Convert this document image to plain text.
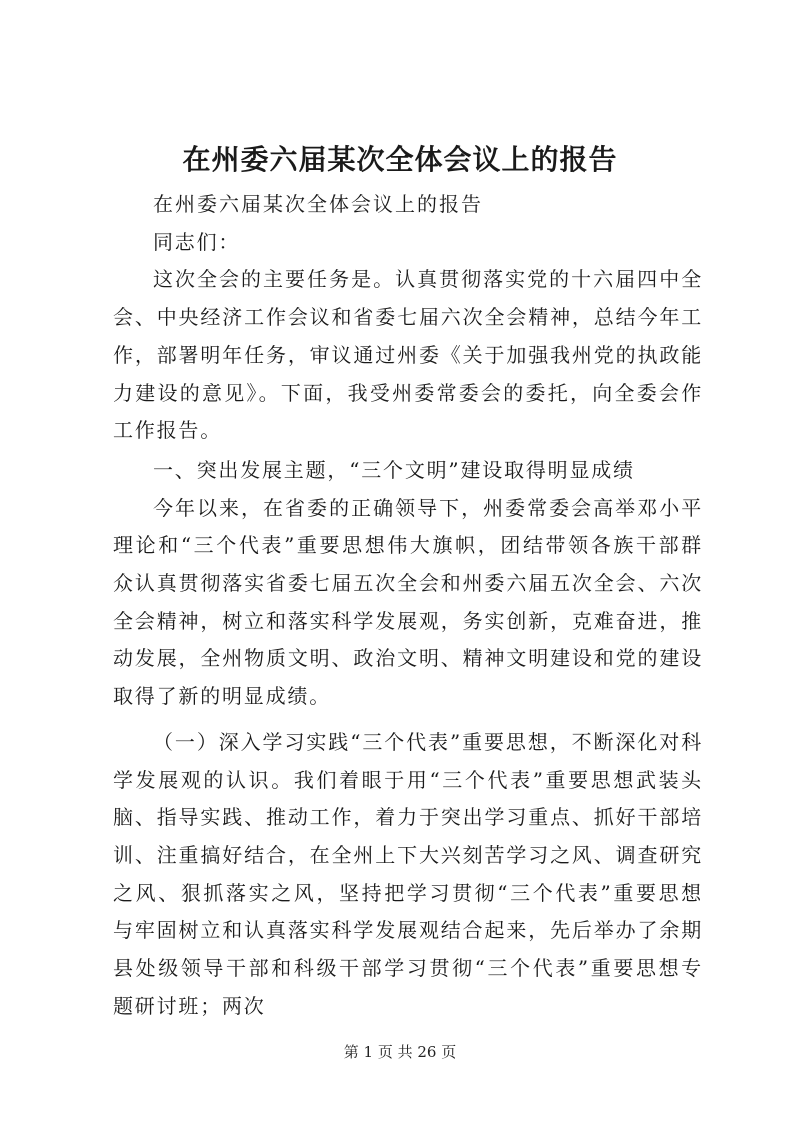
在州委六届某次全体会议上的报告

在州委六届某次全体会议上的报告

同志们：

这次全会的主要任务是。认真贯彻落实党的十六届四中全会、中央经济工作会议和省委七届六次全会精神，总结今年工作，部署明年任务，审议通过州委《关于加强我州党的执政能力建设的意见》。下面，我受州委常委会的委托，向全委会作工作报告。

一、突出发展主题，“三个文明”建设取得明显成绩

今年以来，在省委的正确领导下，州委常委会高举邓小平理论和“三个代表”重要思想伟大旗帜，团结带领各族干部群众认真贯彻落实省委七届五次全会和州委六届五次全会、六次全会精神，树立和落实科学发展观，务实创新，克难奋进，推动发展，全州物质文明、政治文明、精神文明建设和党的建设取得了新的明显成绩。

（一）深入学习实践“三个代表”重要思想，不断深化对科学发展观的认识。我们着眼于用“三个代表”重要思想武装头脑、指导实践、推动工作，着力于突出学习重点、抓好干部培训、注重搞好结合，在全州上下大兴刻苦学习之风、调查研究之风、狠抓落实之风，坚持把学习贯彻“三个代表”重要思想与牢固树立和认真落实科学发展观结合起来，先后举办了余期县处级领导干部和科级干部学习贯彻“三个代表”重要思想专题研讨班；两次

第 1 页 共 26 页
